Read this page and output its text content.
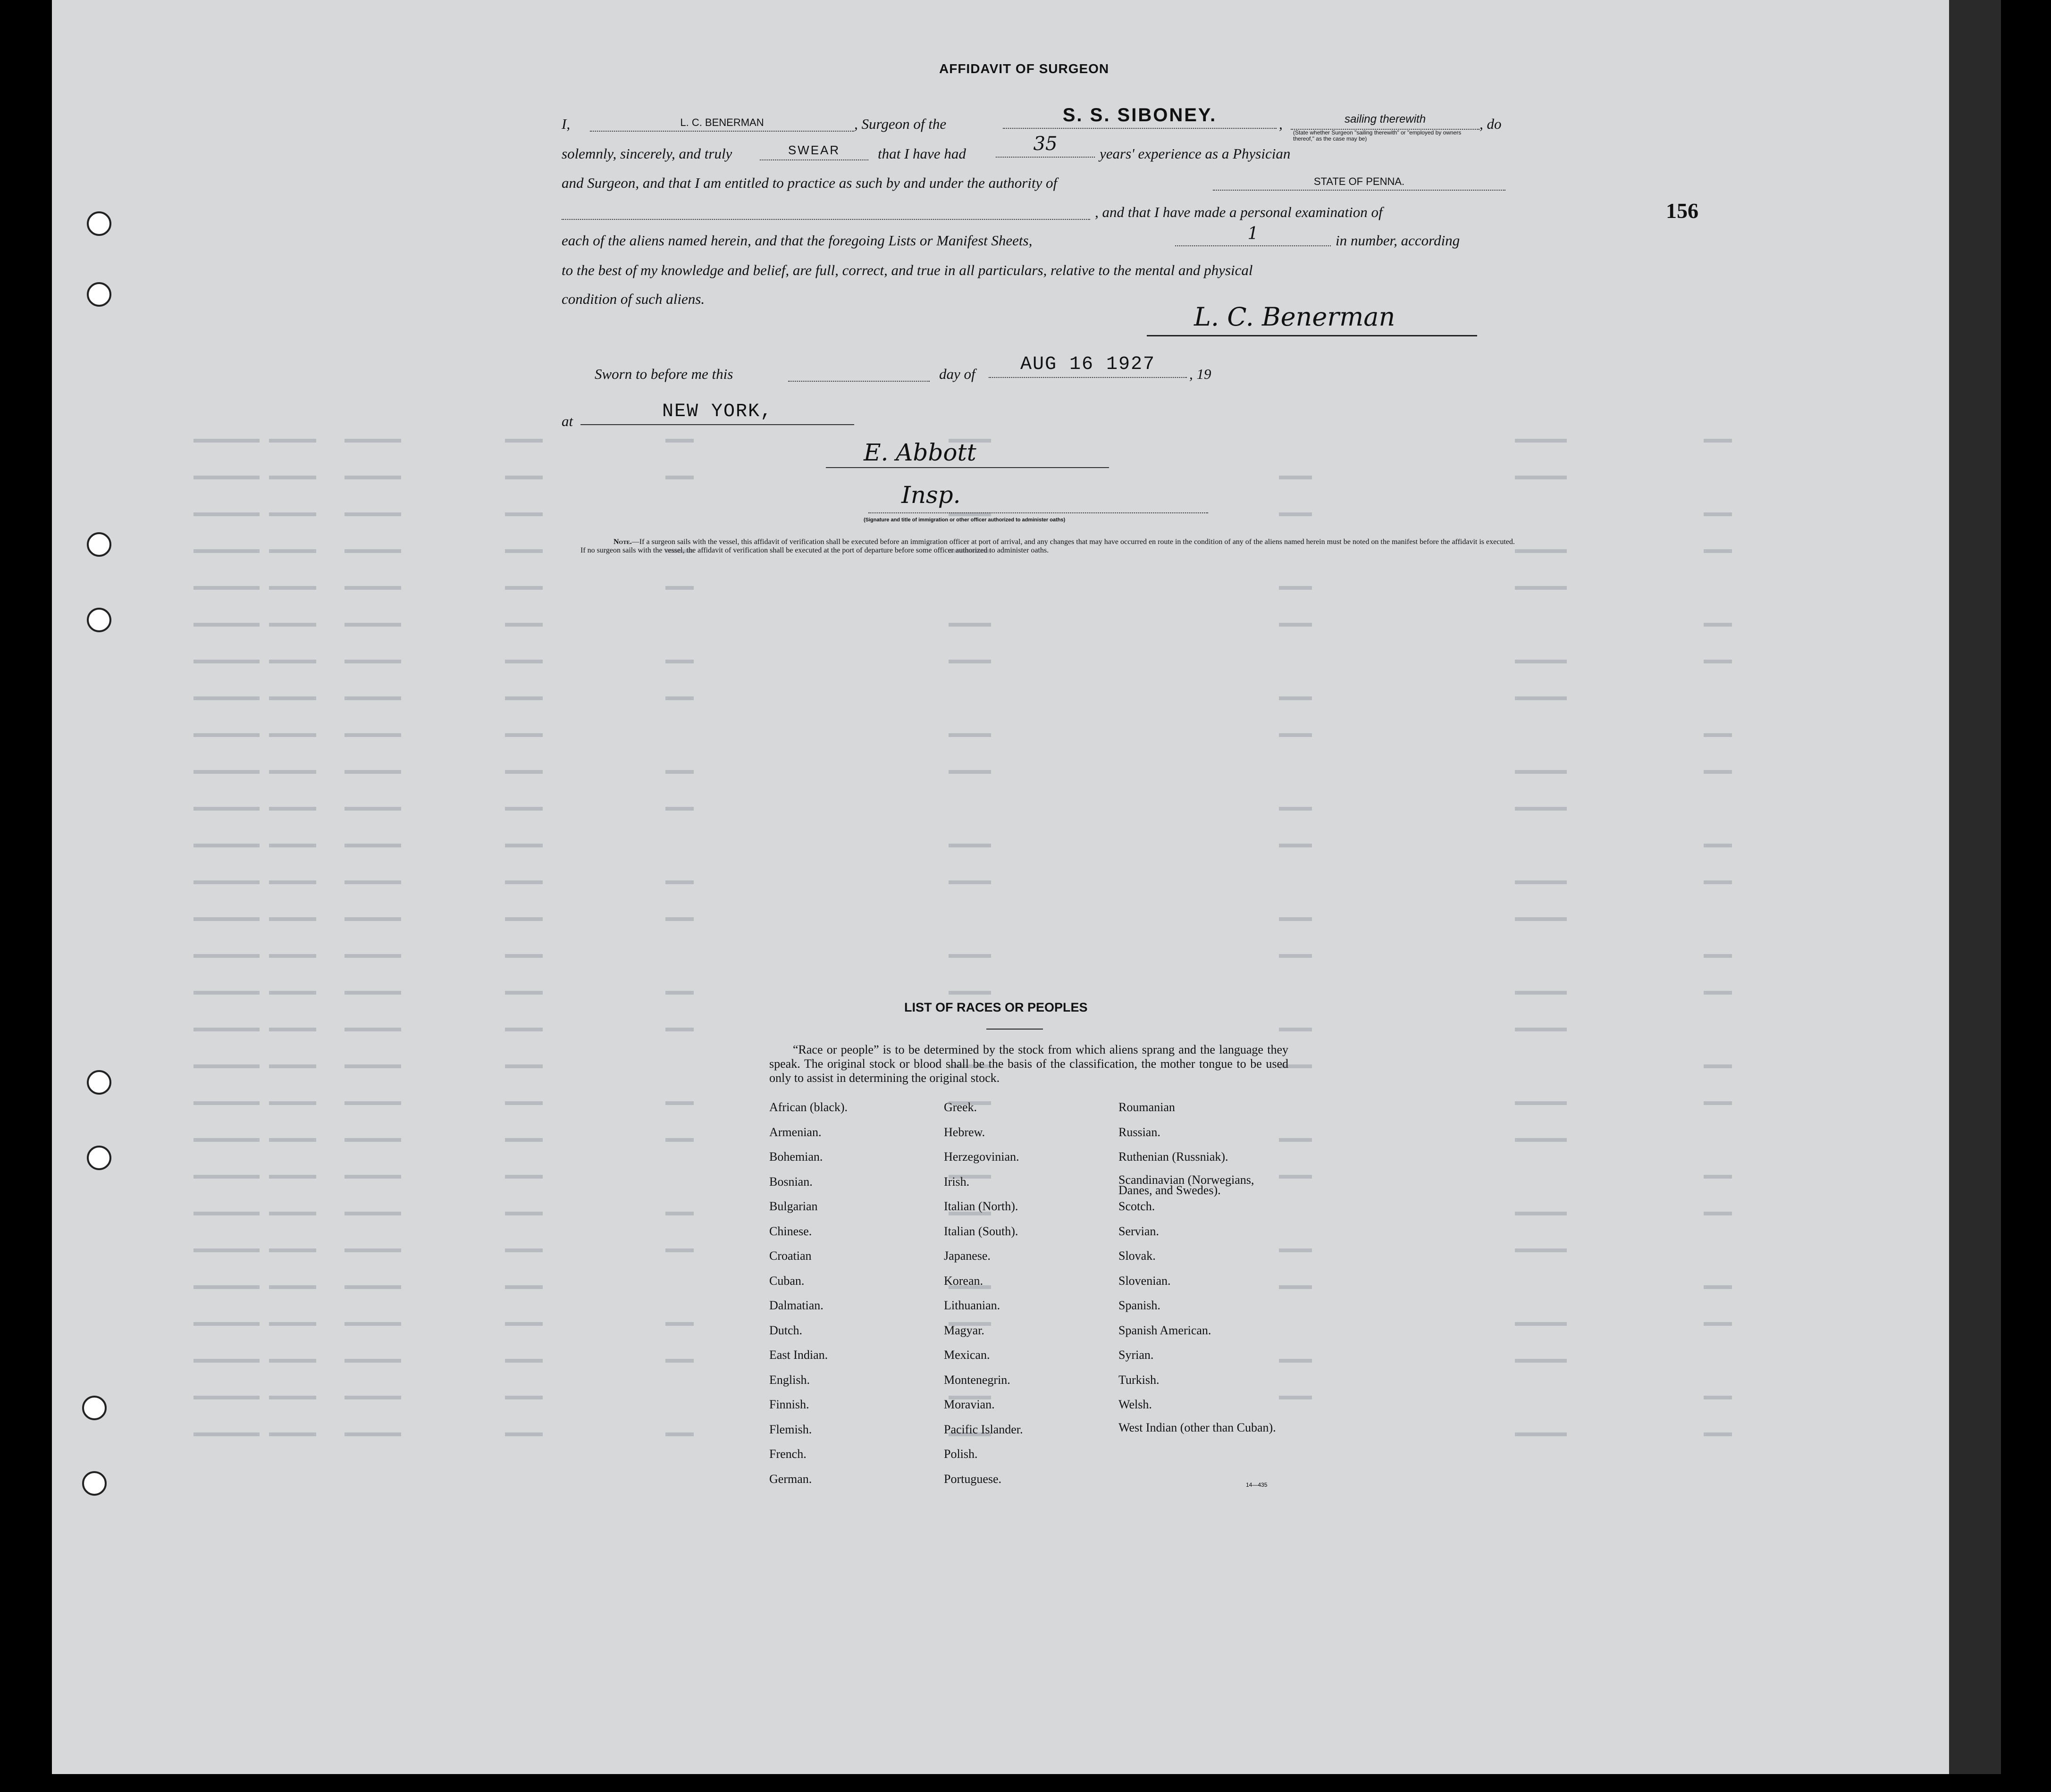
156
AFFIDAVIT OF SURGEON
I,	L. C. BENERMAN	, Surgeon of the	S. S. SIBONEY.	,	sailing therewith
(State whether Surgeon "sailing therewith" or "employed by owners thereof," as the case may be)
, do
solemnly, sincerely, and truly	SWEAR	that I have had	35	years' experience as a Physician
and Surgeon, and that I am entitled to practice as such by and under the authority of	STATE OF PENNA.
, and that I have made a personal examination of
each of the aliens named herein, and that the foregoing Lists or Manifest Sheets,	1	in number, according
to the best of my knowledge and belief, are full, correct, and true in all particulars, relative to the mental and physical
condition of such aliens.
L. C. Benerman
Sworn to before me this	day of	AUG 16 1927	, 19
at	NEW YORK,
E. Abbott
Insp.
(Signature and title of immigration or other officer authorized to administer oaths)

Note.—If a surgeon sails with the vessel, this affidavit of verification shall be executed before an immigration officer at port of arrival, and any changes that may have occurred en route in the condition of any of the aliens named herein must be noted on the manifest before the affidavit is executed.

If no surgeon sails with the vessel, the affidavit of verification shall be executed at the port of departure before some officer authorized to administer oaths.

LIST OF RACES OR PEOPLES
“Race or people” is to be determined by the stock from which aliens sprang and the language they speak. The original stock or blood shall be the basis of the classification, the mother tongue to be used only to assist in determining the original stock.
African (black).
Armenian.
Bohemian.
Bosnian.
Bulgarian
Chinese.
Croatian
Cuban.
Dalmatian.
Dutch.
East Indian.
English.
Finnish.
Flemish.
French.
German.
Greek.
Hebrew.
Herzegovinian.
Irish.
Italian (North).
Italian (South).
Japanese.
Korean.
Lithuanian.
Magyar.
Mexican.
Montenegrin.
Moravian.
Pacific Islander.
Polish.
Portuguese.
Roumanian
Russian.
Ruthenian (Russniak).
Scandinavian (Norwegians, Danes, and Swedes).
Scotch.
Servian.
Slovak.
Slovenian.
Spanish.
Spanish American.
Syrian.
Turkish.
Welsh.
West Indian (other than Cuban).
14—435
